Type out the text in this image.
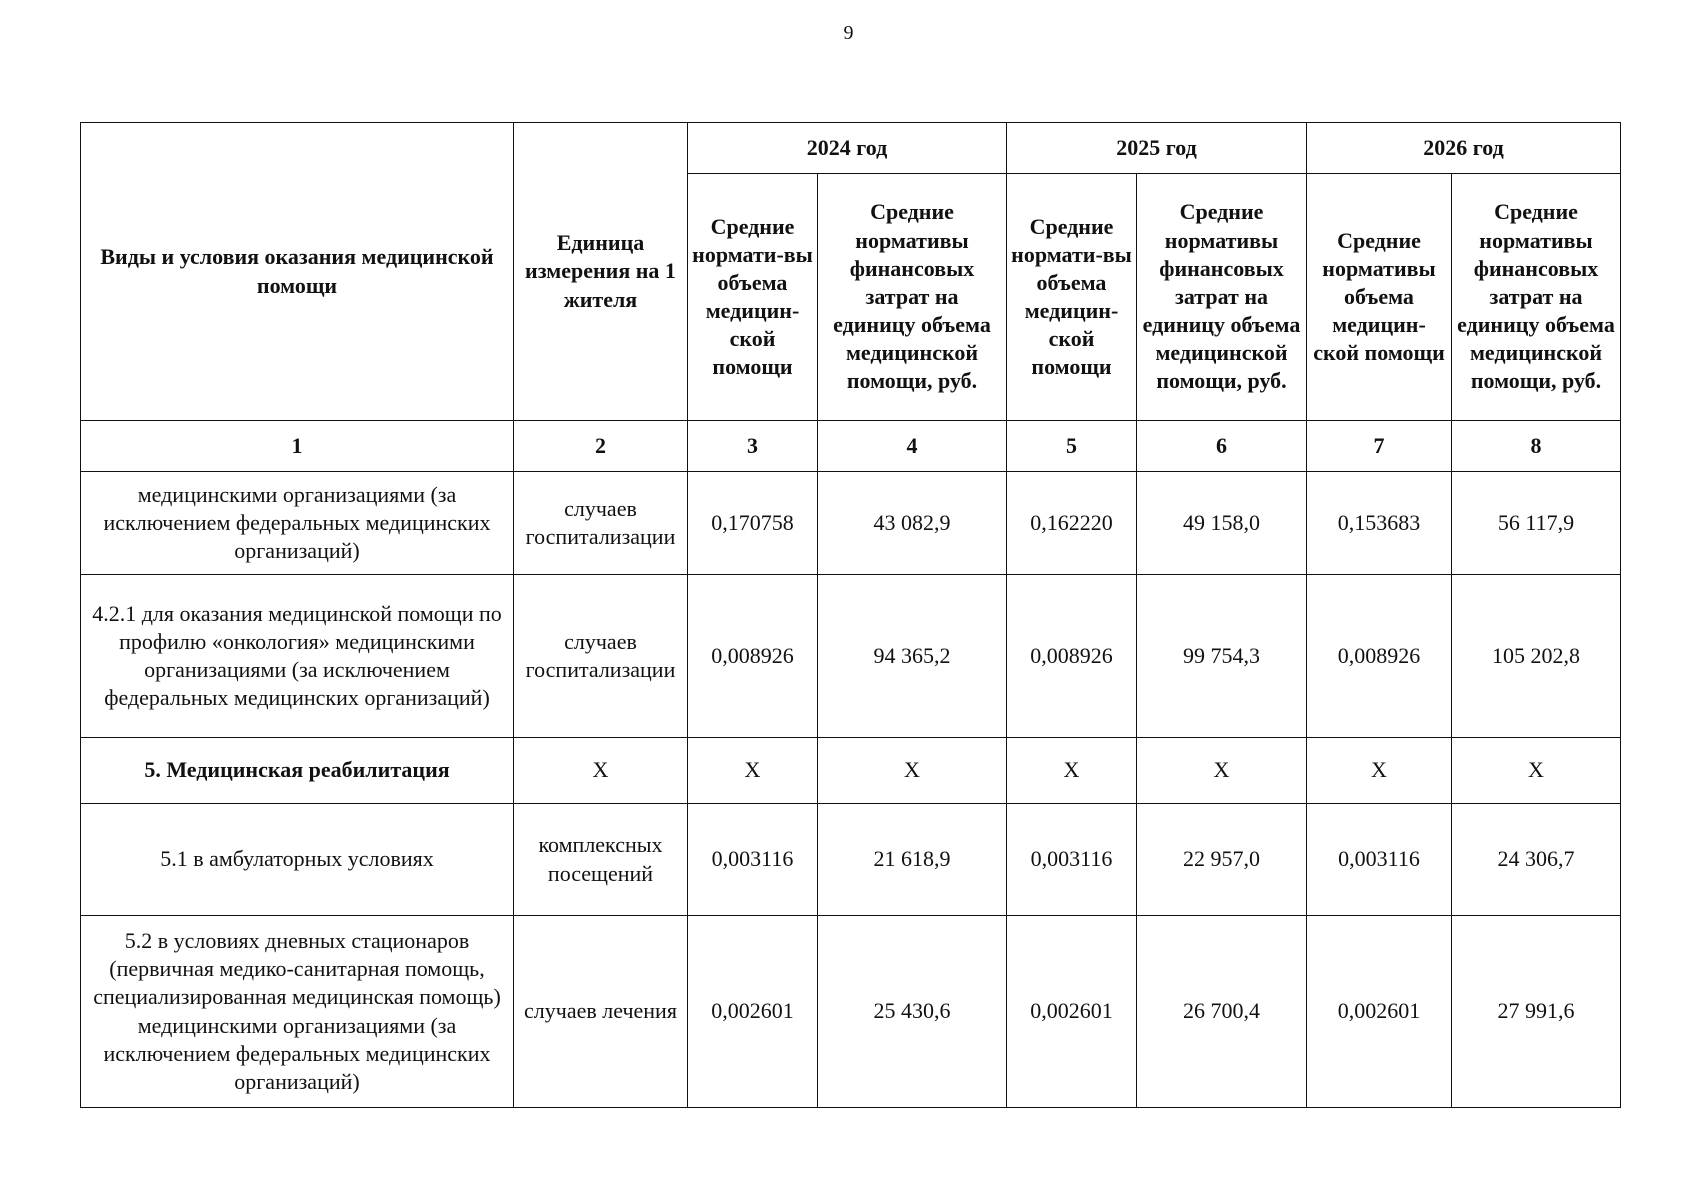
9
Виды и условия оказания медицинской помощи	Единица измерения на 1 жителя	2024 год		2025 год		2026 год	
		Средние нормати-вы объема медицин-ской помощи	Средние нормативы финансовых затрат на единицу объема медицинской помощи, руб.	Средние нормати-вы объема медицин-ской помощи	Средние нормативы финансовых затрат на единицу объема медицинской помощи, руб.	Средние нормативы объема медицин-ской помощи	Средние нормативы финансовых затрат на единицу объема медицинской помощи, руб.
1	2	3	4	5	6	7	8
медицинскими организациями (за исключением федеральных медицинских организаций)	случаев госпитализации	0,170758	43 082,9	0,162220	49 158,0	0,153683	56 117,9
4.2.1 для оказания медицинской помощи по профилю «онкология» медицинскими организациями (за исключением федеральных медицинских организаций)	случаев госпитализации	0,008926	94 365,2	0,008926	99 754,3	0,008926	105 202,8
5. Медицинская реабилитация	Х	Х	Х	Х	Х	Х	Х
5.1 в амбулаторных условиях	комплексных посещений	0,003116	21 618,9	0,003116	22 957,0	0,003116	24 306,7
5.2 в условиях дневных стационаров (первичная медико-санитарная помощь, специализированная медицинская помощь) медицинскими организациями (за исключением федеральных медицинских организаций)	случаев лечения	0,002601	25 430,6	0,002601	26 700,4	0,002601	27 991,6
